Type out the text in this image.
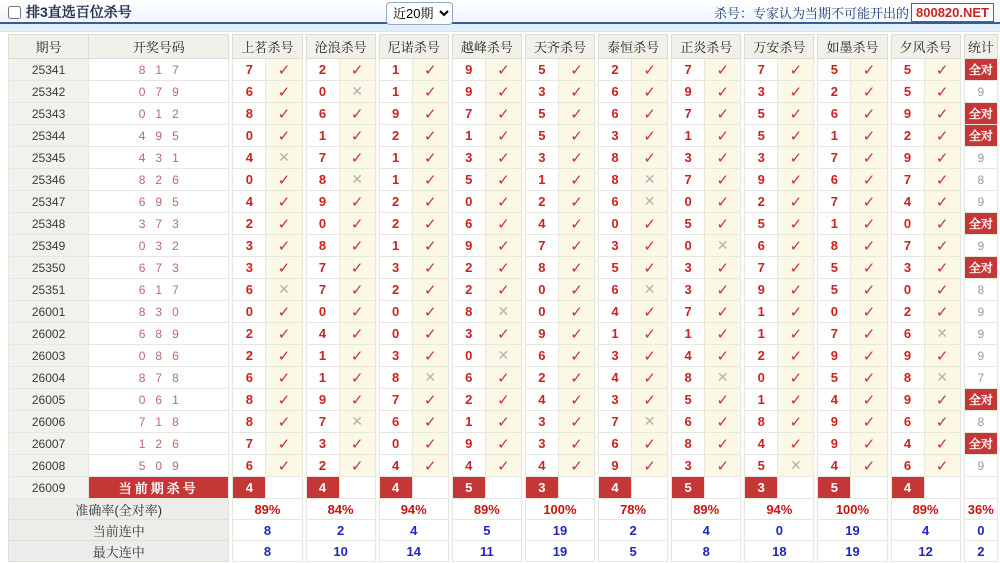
排3直选百位杀号	杀号：专家认为当期不可能开出的 800820.NET
近20期
期号	开奖号码		上茗杀号			沧浪杀号			尼诺杀号			越峰杀号			天齐杀号			泰恒杀号			正炎杀号			万安杀号			如墨杀号			夕风杀号			统计
25341	817		7	✓		2	✓		1	✓		9	✓		5	✓		2	✓		7	✓		7	✓		5	✓		5	✓		全对
25342	079		6	✓		0	✕		1	✓		9	✓		3	✓		6	✓		9	✓		3	✓		2	✓		5	✓		9
25343	012		8	✓		6	✓		9	✓		7	✓		5	✓		6	✓		7	✓		5	✓		6	✓		9	✓		全对
25344	495		0	✓		1	✓		2	✓		1	✓		5	✓		3	✓		1	✓		5	✓		1	✓		2	✓		全对
25345	431		4	✕		7	✓		1	✓		3	✓		3	✓		8	✓		3	✓		3	✓		7	✓		9	✓		9
25346	826		0	✓		8	✕		1	✓		5	✓		1	✓		8	✕		7	✓		9	✓		6	✓		7	✓		8
25347	695		4	✓		9	✓		2	✓		0	✓		2	✓		6	✕		0	✓		2	✓		7	✓		4	✓		9
25348	373		2	✓		0	✓		2	✓		6	✓		4	✓		0	✓		5	✓		5	✓		1	✓		0	✓		全对
25349	032		3	✓		8	✓		1	✓		9	✓		7	✓		3	✓		0	✕		6	✓		8	✓		7	✓		9
25350	673		3	✓		7	✓		3	✓		2	✓		8	✓		5	✓		3	✓		7	✓		5	✓		3	✓		全对
25351	617		6	✕		7	✓		2	✓		2	✓		0	✓		6	✕		3	✓		9	✓		5	✓		0	✓		8
26001	830		0	✓		0	✓		0	✓		8	✕		0	✓		4	✓		7	✓		1	✓		0	✓		2	✓		9
26002	689		2	✓		4	✓		0	✓		3	✓		9	✓		1	✓		1	✓		1	✓		7	✓		6	✕		9
26003	086		2	✓		1	✓		3	✓		0	✕		6	✓		3	✓		4	✓		2	✓		9	✓		9	✓		9
26004	878		6	✓		1	✓		8	✕		6	✓		2	✓		4	✓		8	✕		0	✓		5	✓		8	✕		7
26005	061		8	✓		9	✓		7	✓		2	✓		4	✓		3	✓		5	✓		1	✓		4	✓		9	✓		全对
26006	718		8	✓		7	✕		6	✓		1	✓		3	✓		7	✕		6	✓		8	✓		9	✓		6	✓		8
26007	126		7	✓		3	✓		0	✓		9	✓		3	✓		6	✓		8	✓		4	✓		9	✓		4	✓		全对
26008	509		6	✓		2	✓		4	✓		4	✓		4	✓		9	✓		3	✓		5	✕		4	✓		6	✓		9
26009	当前期杀号		4			4			4			5			3			4			5			3			5			4			
准确率(全对率)			89%			84%			94%			89%			100%			78%			89%			94%			100%			89%			36%
当前连中			8			2			4			5			19			2			4			0			19			4			0
最大连中			8			10			14			11			19			5			8			18			19			12			2
